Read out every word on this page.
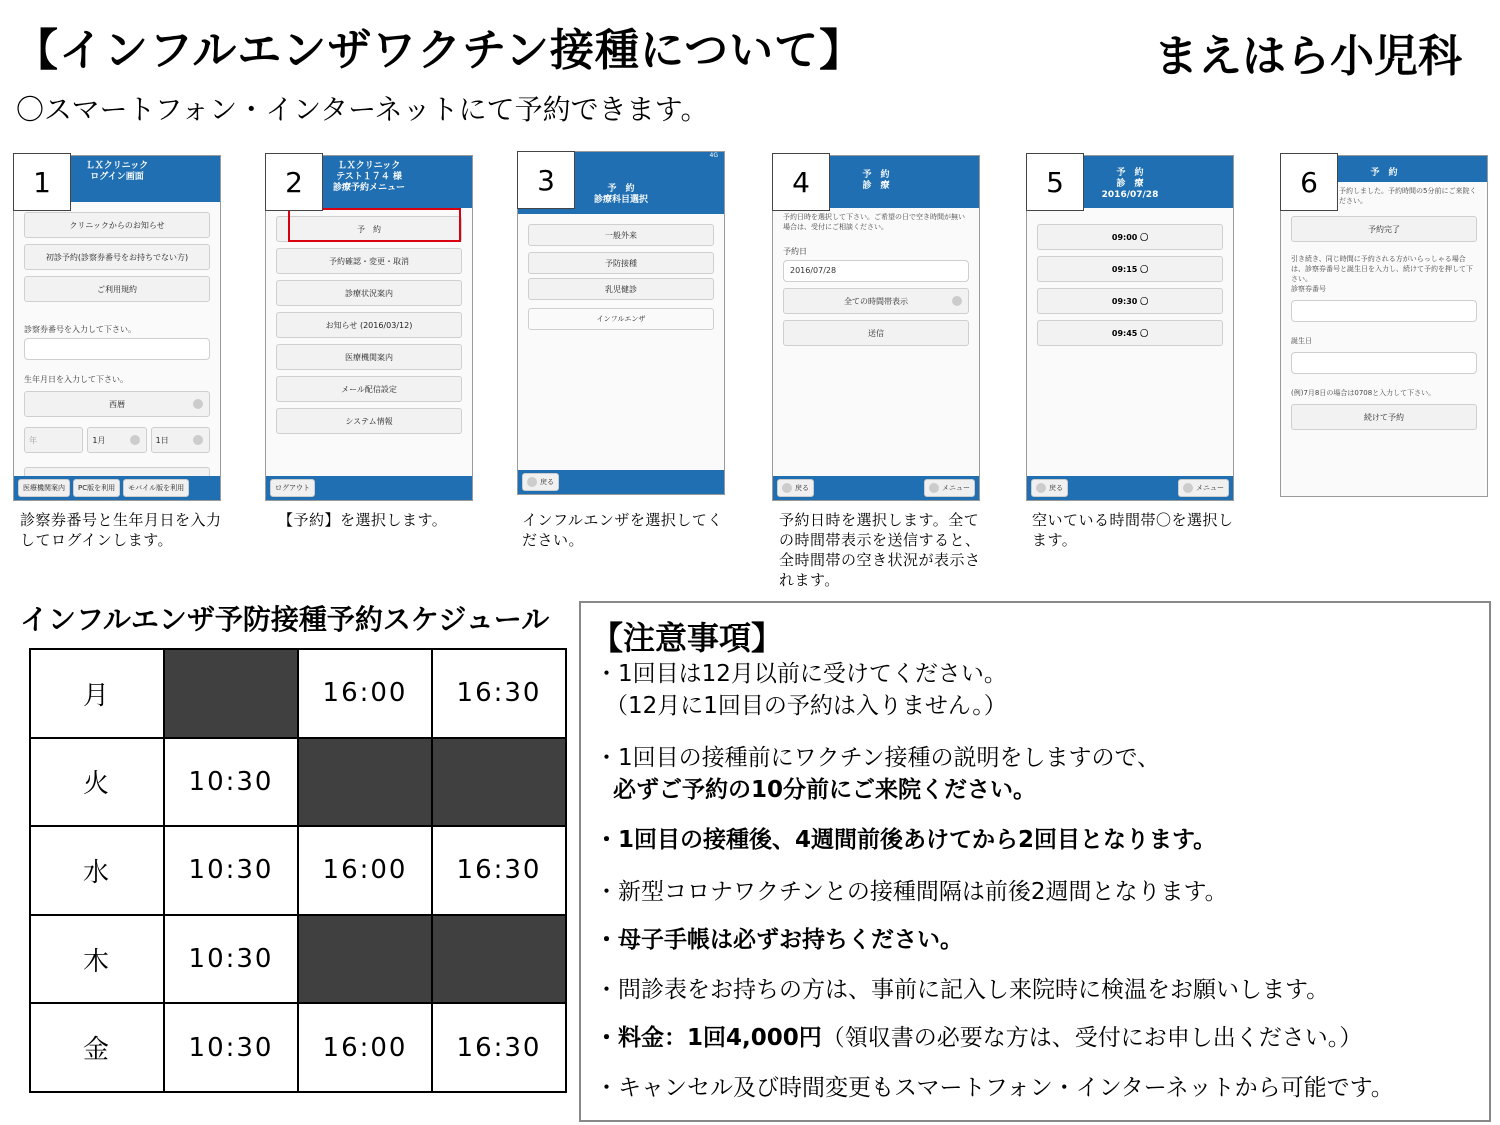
【インフルエンザワクチン接種について】	まえはら小児科
〇スマートフォン・インターネットにて予約できます。
1	ＬＸクリニック
ログイン画面
クリニックからのお知らせ
初診予約(診察券番号をお持ちでない方)
ご利用規約
診察券番号を入力して下さい。
生年月日を入力して下さい。
西暦
年	1月	1日
医療機関案内	PC版を利用	モバイル版を利用
診察券番号と生年月日を入力してログインします。
2	ＬＸクリニック
テスト１７４ 様
診療予約メニュー
予　約
予約確認・変更・取消
診療状況案内
お知らせ (2016/03/12)
医療機関案内
メール配信設定
システム情報
ログアウト
【予約】を選択します。
3
4G
予　約
診療科目選択
一般外来
予防接種
乳児健診
インフルエンザ
戻る
インフルエンザを選択してください。
4	予　約
診　療
予約日時を選択して下さい。ご希望の日で空き時間が無い場合は、受付にご相談ください。
予約日
2016/07/28
全ての時間帯表示
送信
戻る	メニュー
予約日時を選択します。全ての時間帯表示を送信すると、全時間帯の空き状況が表示されます。
5	予　約
診　療
2016/07/28
09:00 〇
09:15 〇
09:30 〇
09:45 〇
戻る	メニュー
空いている時間帯〇を選択します。
6	予　約
予約しました。予約時間の5分前にご来院ください。
予約完了
引き続き、同じ時間に予約される方がいらっしゃる場合は、診察券番号と誕生日を入力し、続けて予約を押して下さい。
診察券番号
誕生日
(例)7月8日の場合は0708と入力して下さい。
続けて予約
インフルエンザ予防接種予約スケジュール
月		16:00	16:30
火	10:30		
水	10:30	16:00	16:30
木	10:30		
金	10:30	16:00	16:30
【注意事項】
・1回目は12月以前に受けてください。
（12月に1回目の予約は入りません。）
・1回目の接種前にワクチン接種の説明をしますので、
必ずご予約の10分前にご来院ください。
・1回目の接種後、4週間前後あけてから2回目となります。
・新型コロナワクチンとの接種間隔は前後2週間となります。
・母子手帳は必ずお持ちください。
・問診表をお持ちの方は、事前に記入し来院時に検温をお願いします。
・料金：1回4,000円（領収書の必要な方は、受付にお申し出ください。）
・キャンセル及び時間変更もスマートフォン・インターネットから可能です。
